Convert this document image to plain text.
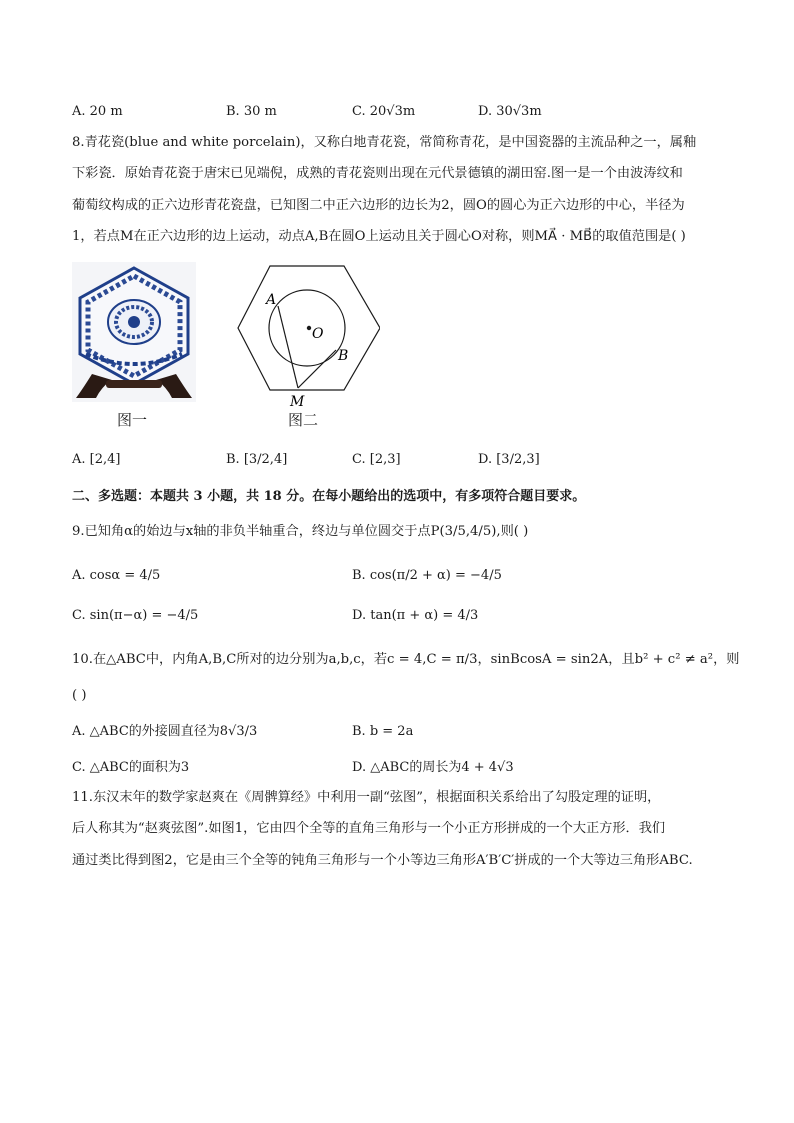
A. 20 m	B. 30 m	C. 20√3m	D. 30√3m
8.青花瓷(blue and white porcelain)，又称白地青花瓷，常简称青花，是中国瓷器的主流品种之一，属釉
下彩瓷．原始青花瓷于唐宋已见端倪，成熟的青花瓷则出现在元代景德镇的湖田窑.图一是一个由波涛纹和
葡萄纹构成的正六边形青花瓷盘，已知图二中正六边形的边长为2，圆O的圆心为正六边形的中心，半径为
1，若点M在正六边形的边上运动，动点A,B在圆O上运动且关于圆心O对称，则MA⃗ · MB⃗的取值范围是( )
图一
A
O
B
M
图二
A. [2,4]	B. [3/2,4]	C. [2,3]	D. [3/2,3]
二、多选题：本题共 3 小题，共 18 分。在每小题给出的选项中，有多项符合题目要求。
9.已知角α的始边与x轴的非负半轴重合，终边与单位圆交于点P(3/5,4/5),则( )
A. cosα = 4/5	B. cos(π/2 + α) = −4/5
C. sin(π−α) = −4/5	D. tan(π + α) = 4/3
10.在△ABC中，内角A,B,C所对的边分别为a,b,c，若c = 4,C = π/3，sinBcosA = sin2A，且b² + c² ≠ a²，则
( )
A. △ABC的外接圆直径为8√3/3	B. b = 2a
C. △ABC的面积为3	D. △ABC的周长为4 + 4√3
11.东汉末年的数学家赵爽在《周髀算经》中利用一副“弦图”，根据面积关系给出了勾股定理的证明，
后人称其为“赵爽弦图”.如图1，它由四个全等的直角三角形与一个小正方形拼成的一个大正方形．我们
通过类比得到图2，它是由三个全等的钝角三角形与一个小等边三角形A′B′C′拼成的一个大等边三角形ABC.
